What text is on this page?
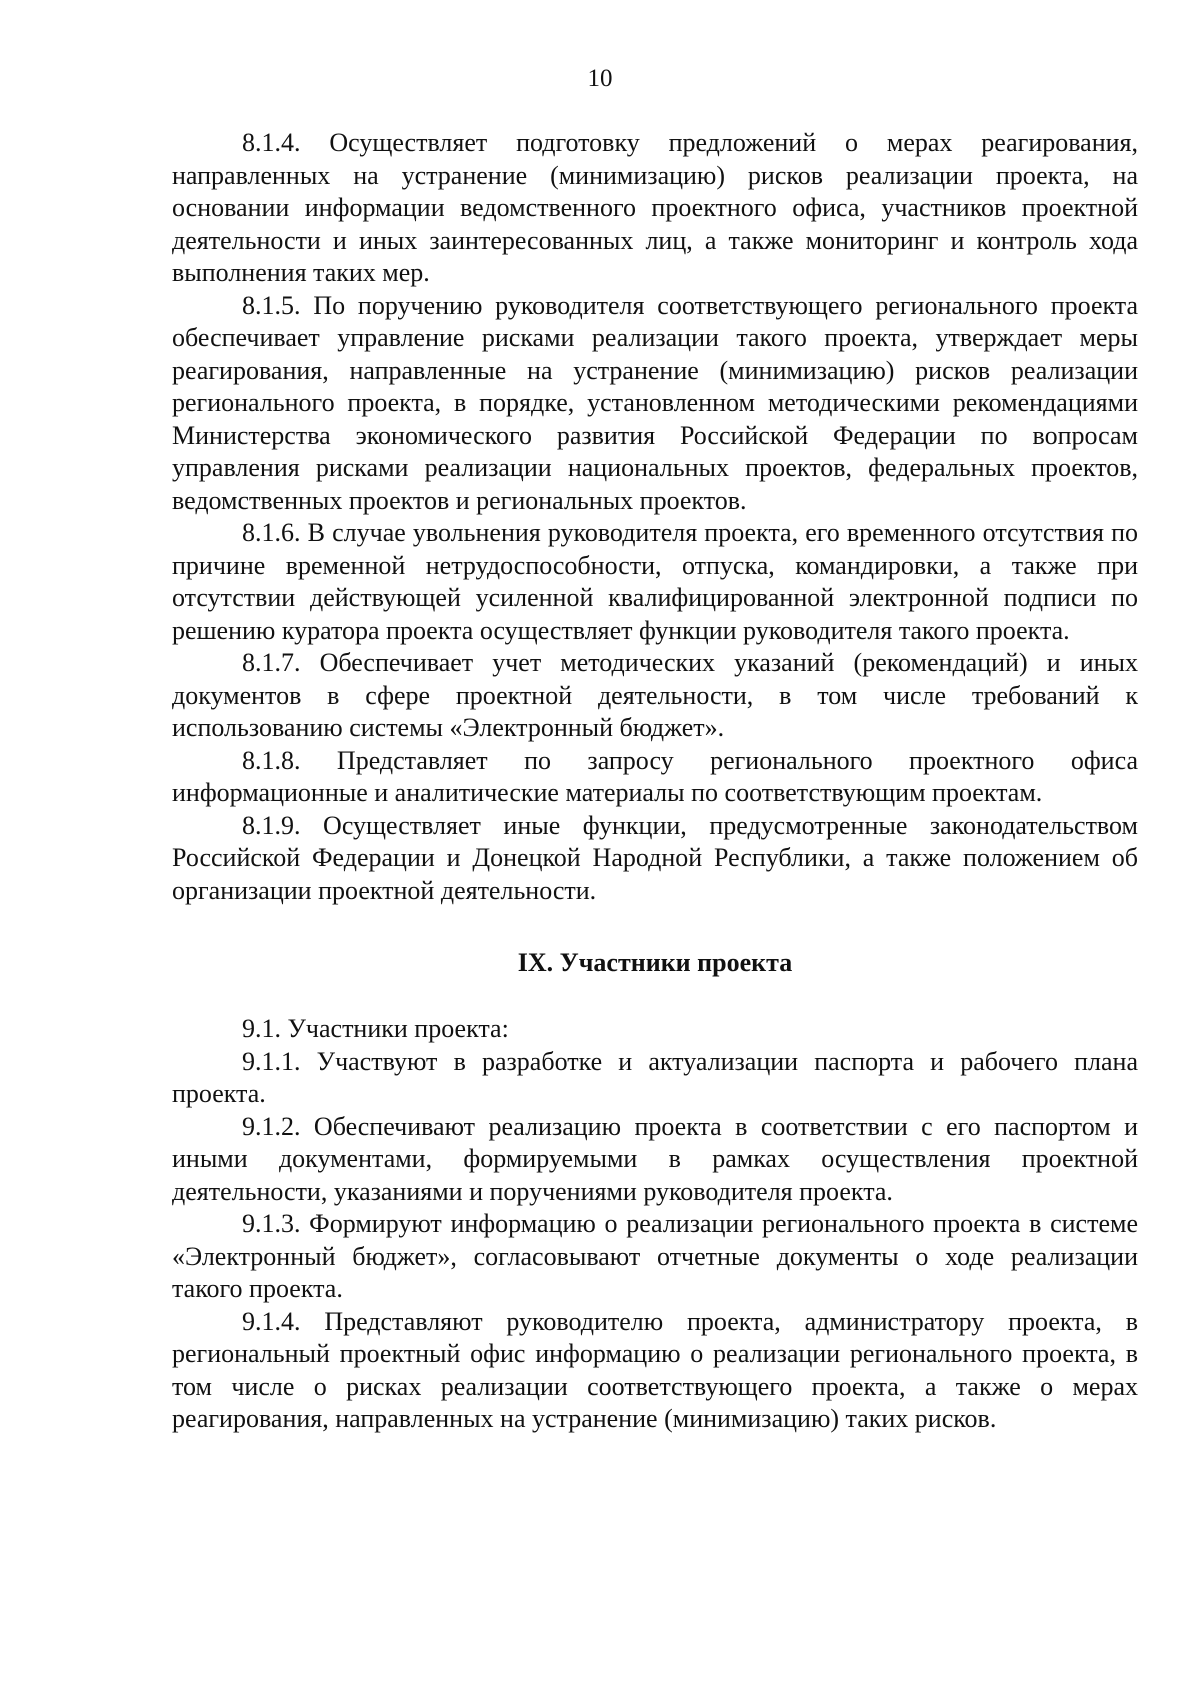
10

8.1.4. Осуществляет подготовку предложений о мерах реагирования, направленных на устранение (минимизацию) рисков реализации проекта, на основании информации ведомственного проектного офиса, участников проектной деятельности и иных заинтересованных лиц, а также мониторинг и контроль хода выполнения таких мер.

8.1.5. По поручению руководителя соответствующего регионального проекта обеспечивает управление рисками реализации такого проекта, утверждает меры реагирования, направленные на устранение (минимизацию) рисков реализации регионального проекта, в порядке, установленном методическими рекомендациями Министерства экономического развития Российской Федерации по вопросам управления рисками реализации национальных проектов, федеральных проектов, ведомственных проектов и региональных проектов.

8.1.6. В случае увольнения руководителя проекта, его временного отсутствия по причине временной нетрудоспособности, отпуска, командировки, а также при отсутствии действующей усиленной квалифицированной электронной подписи по решению куратора проекта осуществляет функции руководителя такого проекта.

8.1.7. Обеспечивает учет методических указаний (рекомендаций) и иных документов в сфере проектной деятельности, в том числе требований к использованию системы «Электронный бюджет».

8.1.8. Представляет по запросу регионального проектного офиса информационные и аналитические материалы по соответствующим проектам.

8.1.9. Осуществляет иные функции, предусмотренные законодательством Российской Федерации и Донецкой Народной Республики, а также положением об организации проектной деятельности.

IX. Участники проекта

9.1. Участники проекта:

9.1.1. Участвуют в разработке и актуализации паспорта и рабочего плана проекта.

9.1.2. Обеспечивают реализацию проекта в соответствии с его паспортом и иными документами, формируемыми в рамках осуществления проектной деятельности, указаниями и поручениями руководителя проекта.

9.1.3. Формируют информацию о реализации регионального проекта в системе «Электронный бюджет», согласовывают отчетные документы о ходе реализации такого проекта.

9.1.4. Представляют руководителю проекта, администратору проекта, в региональный проектный офис информацию о реализации регионального проекта, в том числе о рисках реализации соответствующего проекта, а также о мерах реагирования, направленных на устранение (минимизацию) таких рисков.
